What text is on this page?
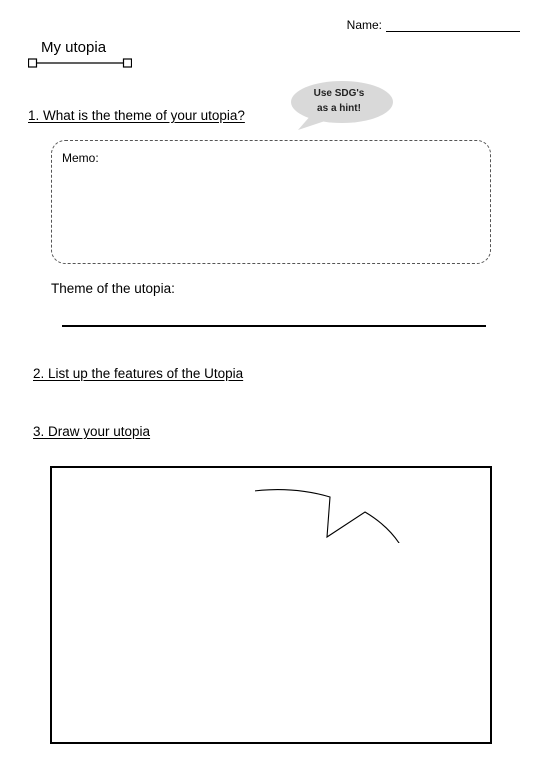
Name:
My utopia
1. What is the theme of your utopia?
Use SDG's
as a hint!
Memo:
Theme of the utopia:
2. List up the features of the Utopia
3. Draw your utopia
